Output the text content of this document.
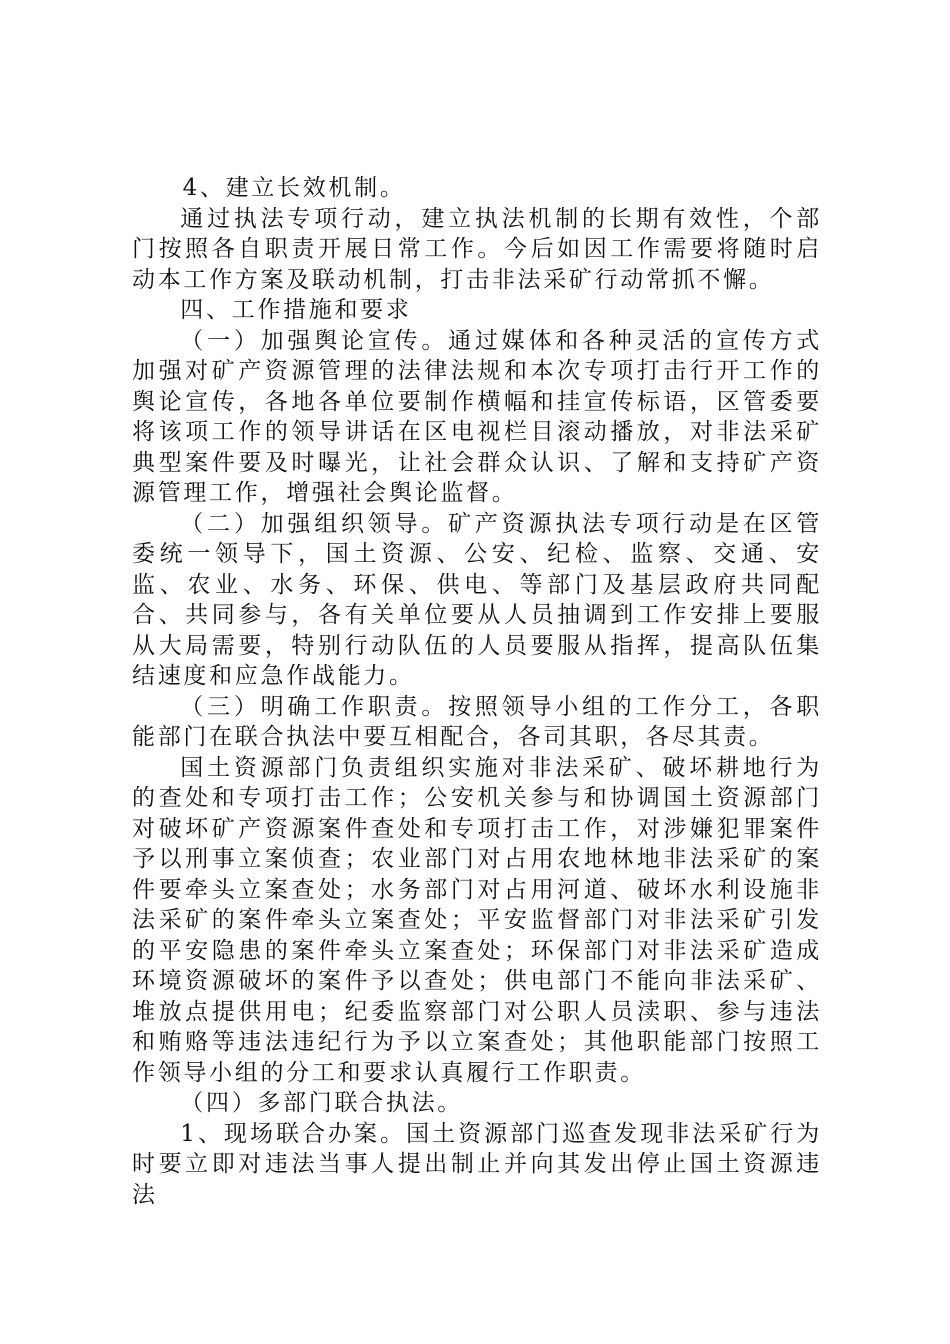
4、建立长效机制。

通过执法专项行动，建立执法机制的长期有效性，个部门按照各自职责开展日常工作。今后如因工作需要将随时启动本工作方案及联动机制，打击非法采矿行动常抓不懈。

四、工作措施和要求

（一）加强舆论宣传。通过媒体和各种灵活的宣传方式加强对矿产资源管理的法律法规和本次专项打击行开工作的舆论宣传，各地各单位要制作横幅和挂宣传标语，区管委要将该项工作的领导讲话在区电视栏目滚动播放，对非法采矿典型案件要及时曝光，让社会群众认识、了解和支持矿产资源管理工作，增强社会舆论监督。

（二）加强组织领导。矿产资源执法专项行动是在区管委统一领导下，国土资源、公安、纪检、监察、交通、安监、农业、水务、环保、供电、等部门及基层政府共同配合、共同参与，各有关单位要从人员抽调到工作安排上要服从大局需要，特别行动队伍的人员要服从指挥，提高队伍集结速度和应急作战能力。

（三）明确工作职责。按照领导小组的工作分工，各职能部门在联合执法中要互相配合，各司其职，各尽其责。

国土资源部门负责组织实施对非法采矿、破坏耕地行为的查处和专项打击工作；公安机关参与和协调国土资源部门对破坏矿产资源案件查处和专项打击工作，对涉嫌犯罪案件予以刑事立案侦查；农业部门对占用农地林地非法采矿的案件要牵头立案查处；水务部门对占用河道、破坏水利设施非法采矿的案件牵头立案查处；平安监督部门对非法采矿引发的平安隐患的案件牵头立案查处；环保部门对非法采矿造成环境资源破坏的案件予以查处；供电部门不能向非法采矿、堆放点提供用电；纪委监察部门对公职人员渎职、参与违法和贿赂等违法违纪行为予以立案查处；其他职能部门按照工作领导小组的分工和要求认真履行工作职责。

（四）多部门联合执法。

1、现场联合办案。国土资源部门巡查发现非法采矿行为时要立即对违法当事人提出制止并向其发出停止国土资源违法
